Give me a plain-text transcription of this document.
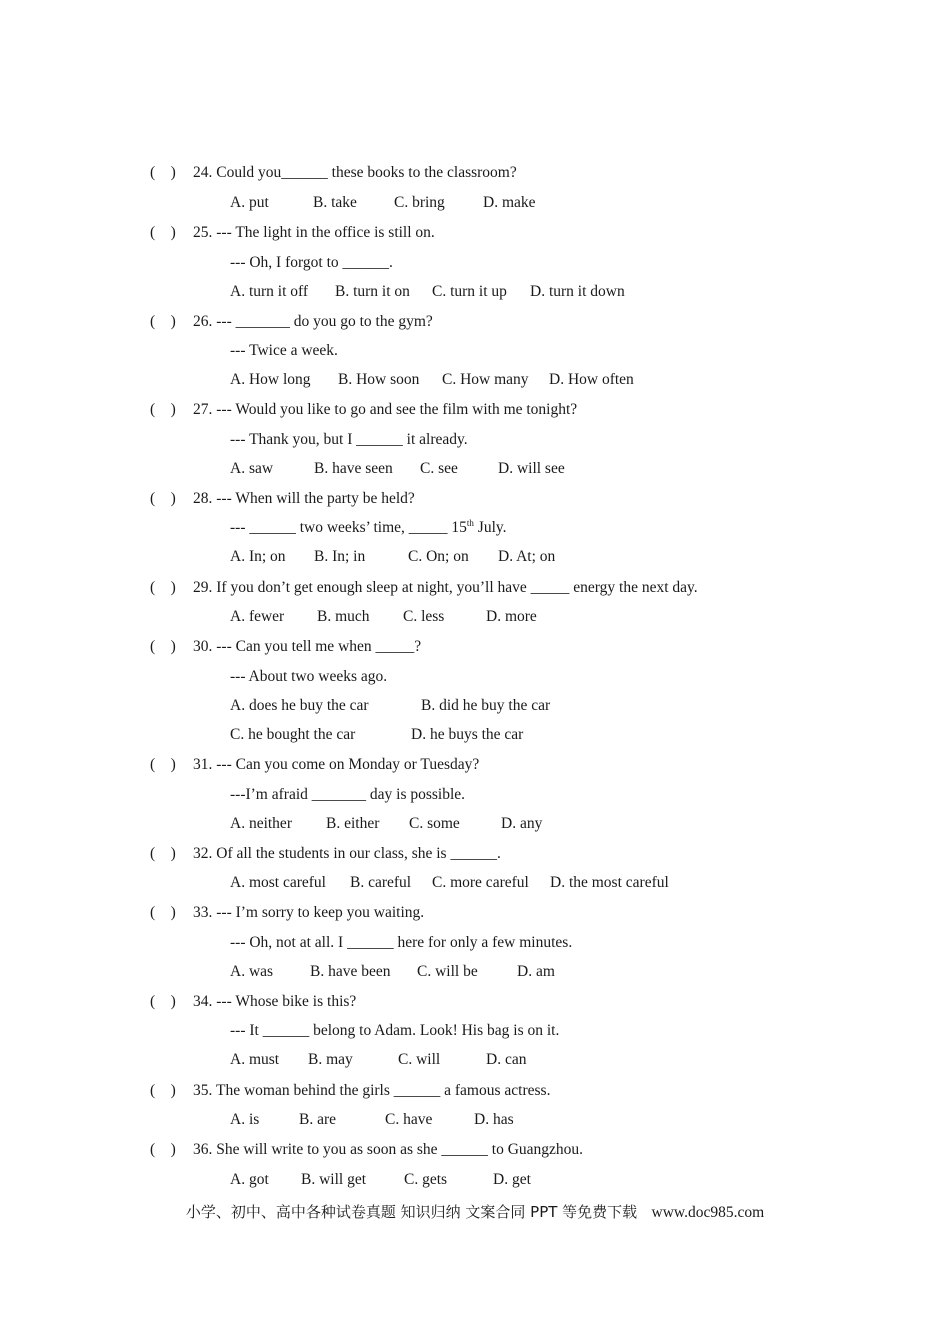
(    )	24. Could you______ these books to the classroom?
A. put	B. take C. bring D. make
(    )	25. --- The light in the office is still on.
--- Oh, I forgot to ______.
A. turn it off B. turn it on C. turn it up D. turn it down
(    )	26. --- _______ do you go to the gym?
--- Twice a week.
A. How long B. How soon C. How many D. How often
(    )	27. --- Would you like to go and see the film with me tonight?
--- Thank you, but I ______ it already.
A. saw	B. have seen C. see	D. will see
(    )	28. --- When will the party be held?
--- ______ two weeks’ time, _____ 15th July.
A. In; on B. In; in	C. On; on D. At; on
(    )	29. If you don’t get enough sleep at night, you’ll have _____ energy the next day.
A. fewer B. much C. less	D. more
(    )	30. --- Can you tell me when _____?
--- About two weeks ago.
A. does he buy the car	B. did he buy the car
C. he bought the car	D. he buys the car
(    )	31. --- Can you come on Monday or Tuesday?
---I’m afraid _______ day is possible.
A. neither B. either C. some	D. any
(    )	32. Of all the students in our class, she is ______.
A. most careful B. careful C. more careful D. the most careful
(    )	33. --- I’m sorry to keep you waiting.
--- Oh, not at all. I ______ here for only a few minutes.
A. was B. have been C. will be	D. am
(    )	34. --- Whose bike is this?
--- It ______ belong to Adam. Look! His bag is on it.
A. must B. may	C. will	D. can
(    )	35. The woman behind the girls ______ a famous actress.
A. is	B. are	C. have	D. has
(    )	36. She will write to you as soon as she ______ to Guangzhou.
A. got B. will get C. gets	D. get
小学、初中、高中各种试卷真题 知识归纳 文案合同 PPT 等免费下载 www.doc985.com
